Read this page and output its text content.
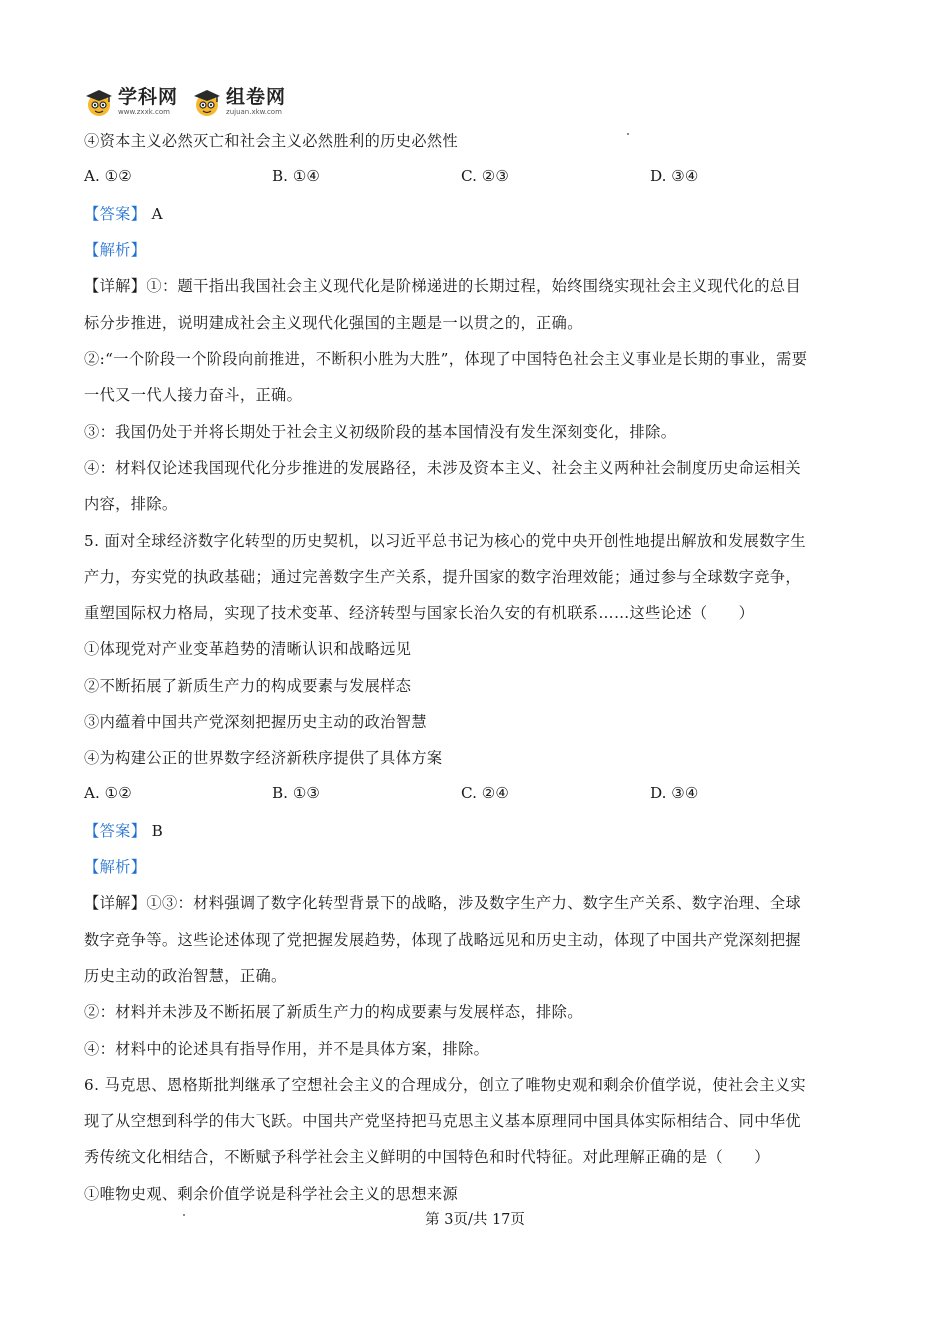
学科网
www.zxxk.com
组卷网
zujuan.xkw.com
④资本主义必然灭亡和社会主义必然胜利的历史必然性
A. ①②	B. ①④	C. ②③	D. ③④
【答案】 A
【解析】
【详解】①：题干指出我国社会主义现代化是阶梯递进的长期过程，始终围绕实现社会主义现代化的总目
标分步推进，说明建成社会主义现代化强国的主题是一以贯之的，正确。
②:“一个阶段一个阶段向前推进，不断积小胜为大胜”，体现了中国特色社会主义事业是长期的事业，需要
一代又一代人接力奋斗，正确。
③：我国仍处于并将长期处于社会主义初级阶段的基本国情没有发生深刻变化，排除。
④：材料仅论述我国现代化分步推进的发展路径，未涉及资本主义、社会主义两种社会制度历史命运相关
内容，排除。
5. 面对全球经济数字化转型的历史契机，以习近平总书记为核心的党中央开创性地提出解放和发展数字生
产力，夯实党的执政基础；通过完善数字生产关系，提升国家的数字治理效能；通过参与全球数字竞争，
重塑国际权力格局，实现了技术变革、经济转型与国家长治久安的有机联系……这些论述（　　）
①体现党对产业变革趋势的清晰认识和战略远见
②不断拓展了新质生产力的构成要素与发展样态
③内蕴着中国共产党深刻把握历史主动的政治智慧
④为构建公正的世界数字经济新秩序提供了具体方案
A. ①②	B. ①③	C. ②④	D. ③④
【答案】 B
【解析】
【详解】①③：材料强调了数字化转型背景下的战略，涉及数字生产力、数字生产关系、数字治理、全球
数字竞争等。这些论述体现了党把握发展趋势，体现了战略远见和历史主动，体现了中国共产党深刻把握
历史主动的政治智慧，正确。
②：材料并未涉及不断拓展了新质生产力的构成要素与发展样态，排除。
④：材料中的论述具有指导作用，并不是具体方案，排除。
6. 马克思、恩格斯批判继承了空想社会主义的合理成分，创立了唯物史观和剩余价值学说，使社会主义实
现了从空想到科学的伟大飞跃。中国共产党坚持把马克思主义基本原理同中国具体实际相结合、同中华优
秀传统文化相结合，不断赋予科学社会主义鲜明的中国特色和时代特征。对此理解正确的是（　　）
①唯物史观、剩余价值学说是科学社会主义的思想来源
第 3页/共 17页
